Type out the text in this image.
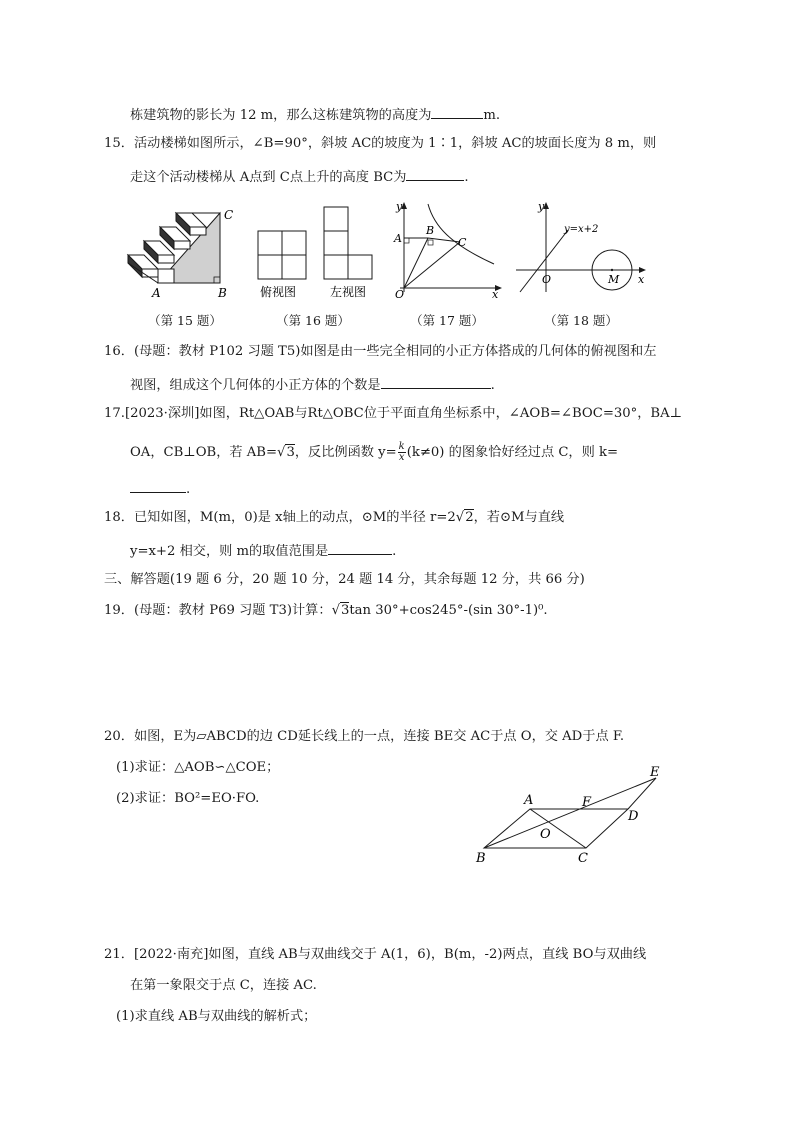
栋建筑物的影长为 12 m，那么这栋建筑物的高度为	m.
15．活动楼梯如图所示，∠B=90°，斜坡 AC的坡度为 1∶1，斜坡 AC的坡面长度为 8 m，则
走这个活动楼梯从 A点到 C点上升的高度 BC为	.
A	B
C
（第 15 题）
俯视图	左视图
（第 16 题）
y
x
O
A
B
C
（第 17 题）
y
x
O	M
y=x+2
（第 18 题）
16．(母题：教材 P102 习题 T5)如图是由一些完全相同的小正方体搭成的几何体的俯视图和左
视图，组成这个几何体的小正方体的个数是	.
17.[2023·深圳]如图，Rt△OAB与Rt△OBC位于平面直角坐标系中，∠AOB=∠BOC=30°，BA⊥
OA，CB⊥OB，若 AB=√3，反比例函数 $y= \frac{k}{x} (k\ne 0)$ 的图象恰好经过点 C，则 k=
.
18．已知如图，M(m，0)是 x轴上的动点，⊙M的半径 r=2√2，若⊙M与直线
y=x+2 相交，则 m的取值范围是	.
三、解答题(19 题 6 分，20 题 10 分，24 题 14 分，其余每题 12 分，共 66 分)
19．(母题：教材 P69 习题 T3)计算：√3tan 30°+cos245°-(sin 30°-1)⁰.
20．如图，E为▱ABCD的边 CD延长线上的一点，连接 BE交 AC于点 O，交 AD于点 F.
(1)求证：△AOB∽△COE；
(2)求证：BO²=EO·FO.	A	F
E
D
O
B	C
21．[2022·南充]如图，直线 AB与双曲线交于 A(1，6)，B(m，-2)两点，直线 BO与双曲线
在第一象限交于点 C，连接 AC.
(1)求直线 AB与双曲线的解析式；
